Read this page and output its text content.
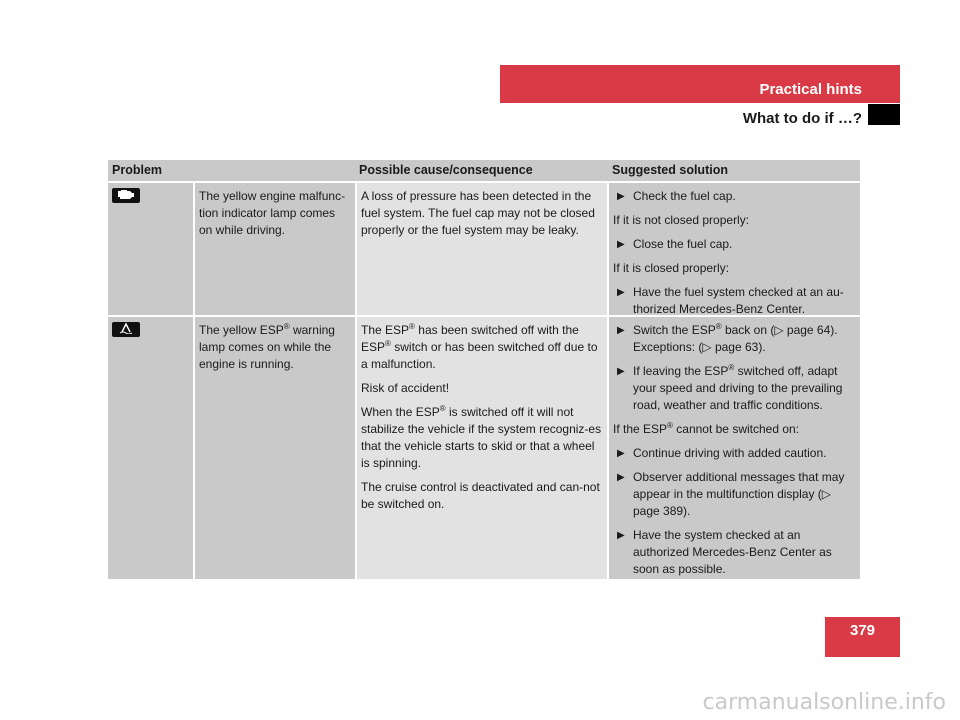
Practical hints
What to do if …?
Problem	Possible cause/consequence	Suggested solution
The yellow engine malfunc-tion indicator lamp comes on while driving.

A loss of pressure has been detected in the fuel system. The fuel cap may not be closed properly or the fuel system may be leaky.

▶ Check the fuel cap.

If it is not closed properly:

▶ Close the fuel cap.

If it is closed properly:

▶ Have the fuel system checked at an au-thorized Mercedes-Benz Center.
The yellow ESP® warning lamp comes on while the engine is running.

The ESP® has been switched off with the ESP® switch or has been switched off due to a malfunction.

Risk of accident!

When the ESP® is switched off it will not stabilize the vehicle if the system recogniz-es that the vehicle starts to skid or that a wheel is spinning.

The cruise control is deactivated and can-not be switched on.

▶ Switch the ESP® back on (▷ page 64). Exceptions: (▷ page 63).
▶ If leaving the ESP® switched off, adapt your speed and driving to the prevailing road, weather and traffic conditions.

If the ESP® cannot be switched on:

▶ Continue driving with added caution.
▶ Observer additional messages that may appear in the multifunction display (▷ page 389).
▶ Have the system checked at an authorized Mercedes-Benz Center as soon as possible.
379
carmanualsonline.info
